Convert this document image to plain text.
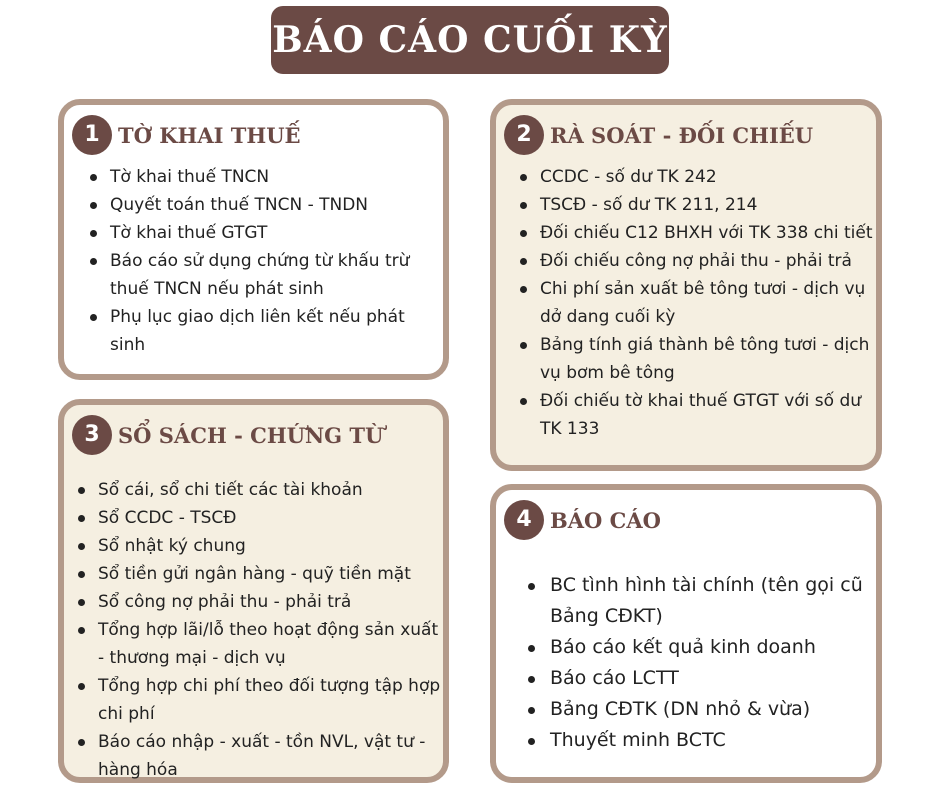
BÁO CÁO CUỐI KỲ
1 TỜ KHAI THUẾ
Tờ khai thuế TNCN
Quyết toán thuế TNCN - TNDN
Tờ khai thuế GTGT
Báo cáo sử dụng chứng từ khấu trừ thuế TNCN nếu phát sinh
Phụ lục giao dịch liên kết nếu phát sinh
2 RÀ SOÁT - ĐỐI CHIẾU
CCDC - số dư TK 242
TSCĐ - số dư TK 211, 214
Đối chiếu C12 BHXH với TK 338 chi tiết
Đối chiếu công nợ phải thu - phải trả
Chi phí sản xuất bê tông tươi - dịch vụ dở dang cuối kỳ
Bảng tính giá thành bê tông tươi - dịch vụ bơm bê tông
Đối chiếu tờ khai thuế GTGT với số dư TK 133
3 SỔ SÁCH - CHỨNG TỪ
Sổ cái, sổ chi tiết các tài khoản
Sổ CCDC - TSCĐ
Sổ nhật ký chung
Sổ tiền gửi ngân hàng - quỹ tiền mặt
Sổ công nợ phải thu - phải trả
Tổng hợp lãi/lỗ theo hoạt động sản xuất - thương mại - dịch vụ
Tổng hợp chi phí theo đối tượng tập hợp chi phí
Báo cáo nhập - xuất - tồn NVL, vật tư - hàng hóa
4 BÁO CÁO
BC tình hình tài chính (tên gọi cũ Bảng CĐKT)
Báo cáo kết quả kinh doanh
Báo cáo LCTT
Bảng CĐTK (DN nhỏ & vừa)
Thuyết minh BCTC
